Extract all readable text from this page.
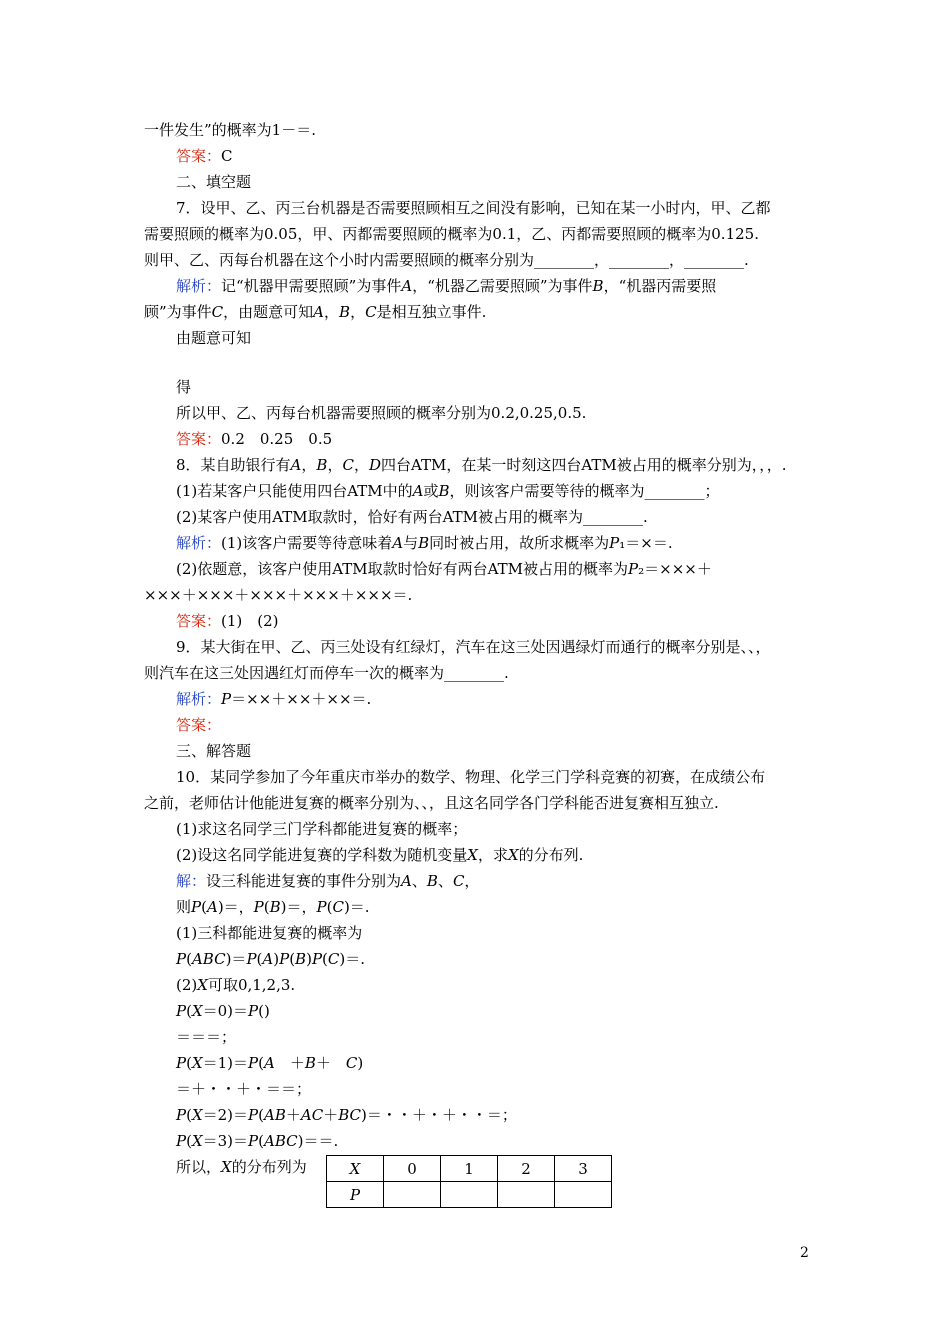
一件发生”的概率为1－＝.
答案：C
二、填空题
7．设甲、乙、丙三台机器是否需要照顾相互之间没有影响，已知在某一小时内，甲、乙都
需要照顾的概率为0.05，甲、丙都需要照顾的概率为0.1，乙、丙都需要照顾的概率为0.125.
则甲、乙、丙每台机器在这个小时内需要照顾的概率分别为________，________，________.
解析：记“机器甲需要照顾”为事件A，“机器乙需要照顾”为事件B，“机器丙需要照
顾”为事件C，由题意可知A，B，C是相互独立事件.
由题意可知
得
所以甲、乙、丙每台机器需要照顾的概率分别为0.2,0.25,0.5.
答案：0.2　0.25　0.5
8．某自助银行有A，B，C，D四台ATM，在某一时刻这四台ATM被占用的概率分别为，，，.
(1)若某客户只能使用四台ATM中的A或B，则该客户需要等待的概率为________；
(2)某客户使用ATM取款时，恰好有两台ATM被占用的概率为________.
解析：(1)该客户需要等待意味着A与B同时被占用，故所求概率为P₁＝×＝.
(2)依题意，该客户使用ATM取款时恰好有两台ATM被占用的概率为P₂＝×××＋
×××＋×××＋×××＋×××＋×××＝.
答案：(1)　(2)
9．某大街在甲、乙、丙三处设有红绿灯，汽车在这三处因遇绿灯而通行的概率分别是、、，
则汽车在这三处因遇红灯而停车一次的概率为________.
解析：P＝××＋××＋××＝.
答案：
三、解答题
10．某同学参加了今年重庆市举办的数学、物理、化学三门学科竞赛的初赛，在成绩公布
之前，老师估计他能进复赛的概率分别为、、，且这名同学各门学科能否进复赛相互独立.
(1)求这名同学三门学科都能进复赛的概率；
(2)设这名同学能进复赛的学科数为随机变量X，求X的分布列.
解：设三科能进复赛的事件分别为A、B、C，
则P(A)＝，P(B)＝，P(C)＝.
(1)三科都能进复赛的概率为
P(ABC)＝P(A)P(B)P(C)＝.
(2)X可取0,1,2,3.
P(X＝0)＝P()
＝＝＝；
P(X＝1)＝P(A　＋B＋　C)
＝＋・・＋・＝＝；
P(X＝2)＝P(AB＋AC＋BC)＝・・＋・＋・・＝；
P(X＝3)＝P(ABC)＝＝.
所以，X的分布列为	X	0	1	2	3
P				
2
